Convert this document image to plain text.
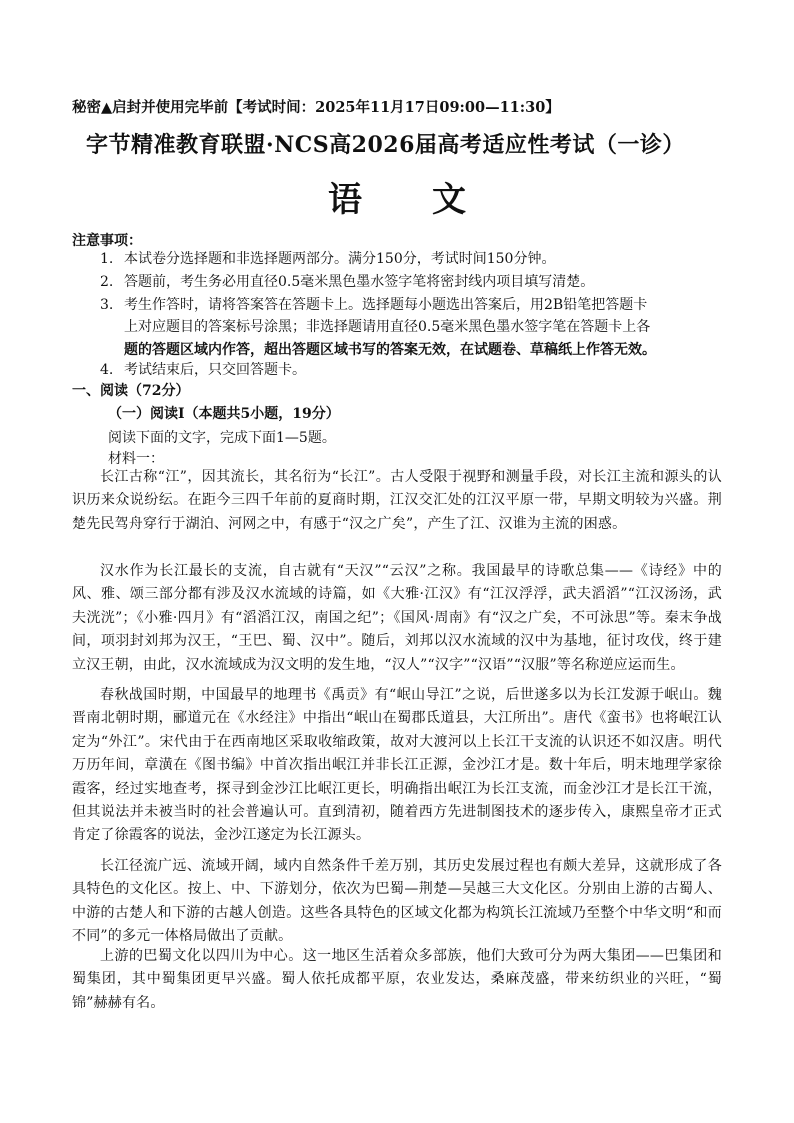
秘密▲启封并使用完毕前【考试时间：2025年11月17日09:00—11:30】
字节精准教育联盟·NCS高2026届高考适应性考试（一诊）
语 文
注意事项：
1. 本试卷分选择题和非选择题两部分。满分150分，考试时间150分钟。
2. 答题前，考生务必用直径0.5毫米黑色墨水签字笔将密封线内项目填写清楚。
3. 考生作答时，请将答案答在答题卡上。选择题每小题选出答案后，用2B铅笔把答题卡
上对应题目的答案标号涂黑；非选择题请用直径0.5毫米黑色墨水签字笔在答题卡上各
题的答题区域内作答，超出答题区域书写的答案无效，在试题卷、草稿纸上作答无效。
4. 考试结束后，只交回答题卡。
一、阅读（72分）
（一）阅读Ⅰ（本题共5小题，19分）
阅读下面的文字，完成下面1—5题。
材料一：

长江古称“江”，因其流长，其名衍为“长江”。古人受限于视野和测量手段，对长江主流和源头的认识历来众说纷纭。在距今三四千年前的夏商时期，江汉交汇处的江汉平原一带，早期文明较为兴盛。荆楚先民驾舟穿行于湖泊、河网之中，有感于“汉之广矣”，产生了江、汉谁为主流的困惑。

汉水作为长江最长的支流，自古就有“天汉”“云汉”之称。我国最早的诗歌总集——《诗经》中的风、雅、颂三部分都有涉及汉水流域的诗篇，如《大雅·江汉》有“江汉浮浮，武夫滔滔”“江汉汤汤，武夫洸洸”；《小雅·四月》有“滔滔江汉，南国之纪”；《国风·周南》有“汉之广矣，不可泳思”等。秦末争战间，项羽封刘邦为汉王，“王巴、蜀、汉中”。随后，刘邦以汉水流域的汉中为基地，征讨攻伐，终于建立汉王朝，由此，汉水流域成为汉文明的发生地，“汉人”“汉字”“汉语”“汉服”等名称逆应运而生。

春秋战国时期，中国最早的地理书《禹贡》有“岷山导江”之说，后世遂多以为长江发源于岷山。魏晋南北朝时期，郦道元在《水经注》中指出“岷山在蜀郡氐道县，大江所出”。唐代《蛮书》也将岷江认定为“外江”。宋代由于在西南地区采取收缩政策，故对大渡河以上长江干支流的认识还不如汉唐。明代万历年间，章潢在《图书编》中首次指出岷江并非长江正源，金沙江才是。数十年后，明末地理学家徐霞客，经过实地查考，探寻到金沙江比岷江更长，明确指出岷江为长江支流，而金沙江才是长江干流，但其说法并未被当时的社会普遍认可。直到清初，随着西方先进制图技术的逐步传入，康熙皇帝才正式肯定了徐霞客的说法，金沙江遂定为长江源头。

长江径流广远、流域开阔，域内自然条件千差万别，其历史发展过程也有颇大差异，这就形成了各具特色的文化区。按上、中、下游划分，依次为巴蜀—荆楚—吴越三大文化区。分别由上游的古蜀人、中游的古楚人和下游的古越人创造。这些各具特色的区域文化都为构筑长江流域乃至整个中华文明“和而不同”的多元一体格局做出了贡献。

上游的巴蜀文化以四川为中心。这一地区生活着众多部族，他们大致可分为两大集团——巴集团和蜀集团，其中蜀集团更早兴盛。蜀人依托成都平原，农业发达，桑麻茂盛，带来纺织业的兴旺，“蜀锦”赫赫有名。
